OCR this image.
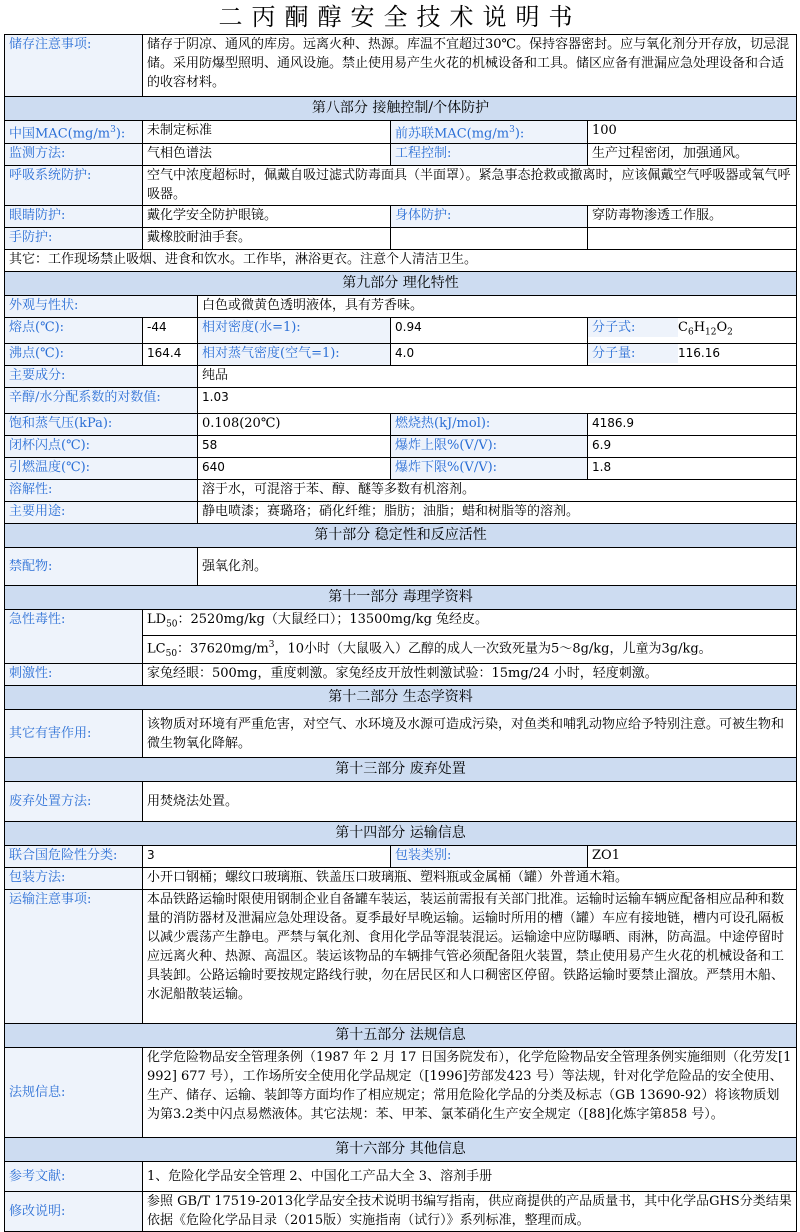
二丙酮醇安全技术说明书
储存注意事项:	储存于阴凉、通风的库房。远离火种、热源。库温不宜超过30℃。保持容器密封。应与氧化剂分开存放，切忌混储。采用防爆型照明、通风设施。禁止使用易产生火花的机械设备和工具。储区应备有泄漏应急处理设备和合适的收容材料。			
第八部分 接触控制/个体防护				
中国$MAC(mg/m^3)$:	未制定标准		前苏联$MAC(mg/m^3)$:	100
监测方法:	气相色谱法		工程控制:	生产过程密闭，加强通风。
呼吸系统防护:	空气中浓度超标时，佩戴自吸过滤式防毒面具（半面罩）。紧急事态抢救或撤离时，应该佩戴空气呼吸器或氧气呼吸器。			
眼睛防护:	戴化学安全防护眼镜。		身体防护:	穿防毒物渗透工作服。
手防护:	戴橡胶耐油手套。			
其它：工作现场禁止吸烟、进食和饮水。工作毕，淋浴更衣。注意个人清洁卫生。				
第九部分 理化特性				
外观与性状:		白色或微黄色透明液体，具有芳香味。		
熔点(℃):	-44	相对密度(水=1):	0.94	分子式: $C_6H_{12}O_2$
沸点(℃):	164.4	相对蒸气密度(空气=1):	4.0	分子量: 116.16
主要成分:		纯品		
辛醇/水分配系数的对数值:		1.03		
饱和蒸气压(kPa):		0.108(20℃)	燃烧热(kJ/mol):	4186.9
闭杯闪点(℃):		58	爆炸上限%(V/V):	6.9
引燃温度(℃):		640	爆炸下限%(V/V):	1.8
溶解性:		溶于水，可混溶于苯、醇、醚等多数有机溶剂。		
主要用途:		静电喷漆；赛璐珞；硝化纤维；脂肪；油脂；蜡和树脂等的溶剂。		
第十部分 稳定性和反应活性				
禁配物:		强氧化剂。		
第十一部分 毒理学资料				
急性毒性:	$LD_{50}$：2520mg/kg（大鼠经口）；13500mg/kg 兔经皮。			
	$LC_{50}$：$37620mg/m^3$，10小时（大鼠吸入）乙醇的成人一次致死量为5～8g/kg，儿童为3g/kg。			
刺激性:	家兔经眼：500mg，重度刺激。家兔经皮开放性刺激试验：15mg/24 小时，轻度刺激。			
第十二部分 生态学资料				
其它有害作用:	该物质对环境有严重危害，对空气、水环境及水源可造成污染，对鱼类和哺乳动物应给予特别注意。可被生物和微生物氧化降解。			
第十三部分 废弃处置				
废弃处置方法:	用焚烧法处置。			
第十四部分 运输信息				
联合国危险性分类:	3		包装类别:	ZO1
包装方法:	小开口钢桶；螺纹口玻璃瓶、铁盖压口玻璃瓶、塑料瓶或金属桶（罐）外普通木箱。			
运输注意事项:	本品铁路运输时限使用钢制企业自备罐车装运，装运前需报有关部门批准。运输时运输车辆应配备相应品种和数量的消防器材及泄漏应急处理设备。夏季最好早晚运输。运输时所用的槽（罐）车应有接地链，槽内可设孔隔板以减少震荡产生静电。严禁与氧化剂、食用化学品等混装混运。运输途中应防曝晒、雨淋，防高温。中途停留时应远离火种、热源、高温区。装运该物品的车辆排气管必须配备阻火装置，禁止使用易产生火花的机械设备和工具装卸。公路运输时要按规定路线行驶，勿在居民区和人口稠密区停留。铁路运输时要禁止溜放。严禁用木船、水泥船散装运输。			
第十五部分 法规信息				
法规信息:	化学危险物品安全管理条例（1987 年 2 月 17 日国务院发布），化学危险物品安全管理条例实施细则（化劳发[1992] 677 号），工作场所安全使用化学品规定（[1996]劳部发423 号）等法规，针对化学危险品的安全使用、生产、储存、运输、装卸等方面均作了相应规定；常用危险化学品的分类及标志（GB 13690-92）将该物质划为第3.2类中闪点易燃液体。其它法规：苯、甲苯、氯苯硝化生产安全规定（[88]化炼字第858 号）。			
第十六部分 其他信息				
参考文献:	1、危险化学品安全管理 2、中国化工产品大全 3、溶剂手册			
修改说明:	参照 GB/T 17519-2013化学品安全技术说明书编写指南，供应商提供的产品质量书，其中化学品GHS分类结果依据《危险化学品目录（2015版）实施指南（试行）》系列标准，整理而成。			
